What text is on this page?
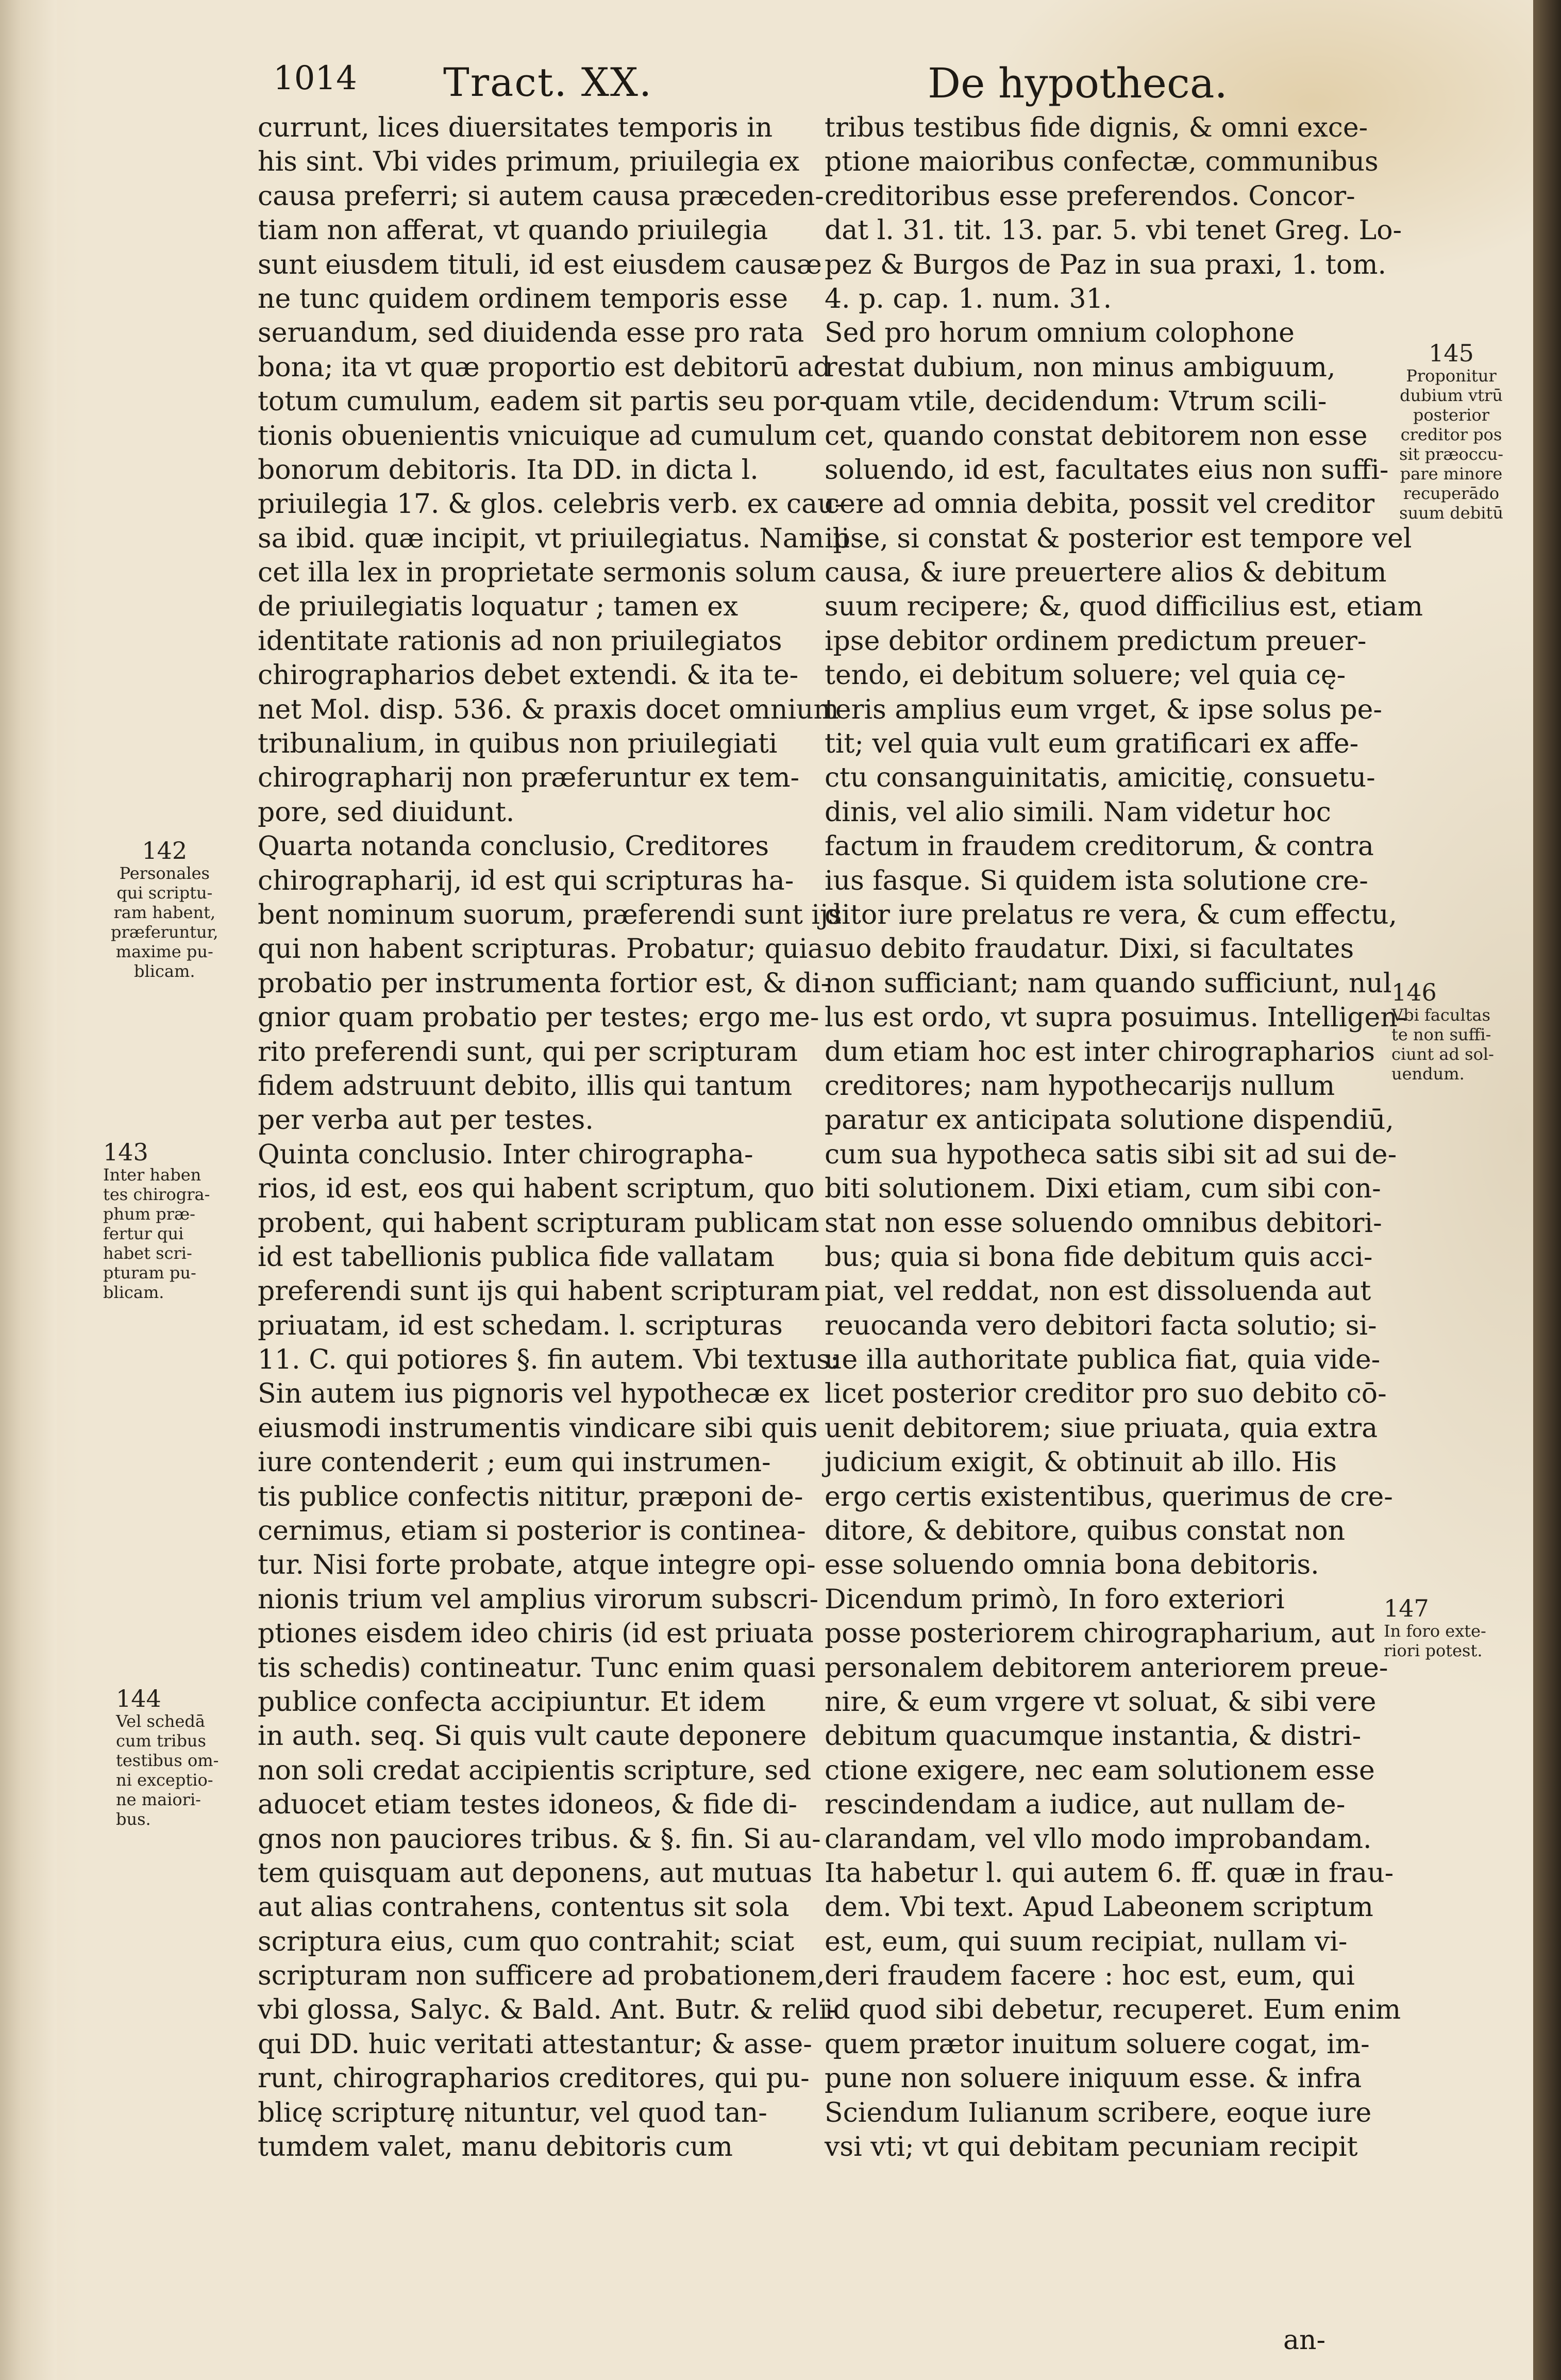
1014 Tract. XX.	De hypotheca.
currunt, lices diuersitates temporis in
his sint. Vbi vides primum, priuilegia ex
causa preferri; si autem causa præceden-
tiam non afferat, vt quando priuilegia
sunt eiusdem tituli, id est eiusdem causæ
ne tunc quidem ordinem temporis esse
seruandum, sed diuidenda esse pro rata
bona; ita vt quæ proportio est debitorū ad
totum cumulum, eadem sit partis seu por-
tionis obuenientis vnicuique ad cumulum
bonorum debitoris. Ita DD. in dicta l.
priuilegia 17. & glos. celebris verb. ex cau-
sa ibid. quæ incipit, vt priuilegiatus. Nam li
cet illa lex in proprietate sermonis solum
de priuilegiatis loquatur ; tamen ex
identitate rationis ad non priuilegiatos
chirographarios debet extendi. & ita te-
net Mol. disp. 536. & praxis docet omnium
tribunalium, in quibus non priuilegiati
chirographarij non præferuntur ex tem-
pore, sed diuidunt.
Quarta notanda conclusio, Creditores
chirographarij, id est qui scripturas ha-
bent nominum suorum, præferendi sunt ijs
qui non habent scripturas. Probatur; quia
probatio per instrumenta fortior est, & di-
gnior quam probatio per testes; ergo me-
rito preferendi sunt, qui per scripturam
fidem adstruunt debito, illis qui tantum
per verba aut per testes.
Quinta conclusio. Inter chirographa-
rios, id est, eos qui habent scriptum, quo
probent, qui habent scripturam publicam
id est tabellionis publica fide vallatam
preferendi sunt ijs qui habent scripturam
priuatam, id est schedam. l. scripturas
11. C. qui potiores §. fin autem. Vbi textus:
Sin autem ius pignoris vel hypothecæ ex
eiusmodi instrumentis vindicare sibi quis
iure contenderit ; eum qui instrumen-
tis publice confectis nititur, præponi de-
cernimus, etiam si posterior is continea-
tur. Nisi forte probate, atque integre opi-
nionis trium vel amplius virorum subscri-
ptiones eisdem ideo chiris (id est priuata
tis schedis) contineatur. Tunc enim quasi
publice confecta accipiuntur. Et idem
in auth. seq. Si quis vult caute deponere
non soli credat accipientis scripture, sed
aduocet etiam testes idoneos, & fide di-
gnos non pauciores tribus. & §. fin. Si au-
tem quisquam aut deponens, aut mutuas
aut alias contrahens, contentus sit sola
scriptura eius, cum quo contrahit; sciat
scripturam non sufficere ad probationem,
vbi glossa, Salyc. & Bald. Ant. Butr. & reli-
qui DD. huic veritati attestantur; & asse-
runt, chirographarios creditores, qui pu-
blicę scripturę nituntur, vel quod tan-
tumdem valet, manu debitoris cum
tribus testibus fide dignis, & omni exce-
ptione maioribus confectæ, communibus
creditoribus esse preferendos. Concor-
dat l. 31. tit. 13. par. 5. vbi tenet Greg. Lo-
pez & Burgos de Paz in sua praxi, 1. tom.
4. p. cap. 1. num. 31.
Sed pro horum omnium colophone
restat dubium, non minus ambiguum,
quam vtile, decidendum: Vtrum scili-
cet, quando constat debitorem non esse
soluendo, id est, facultates eius non suffi-
cere ad omnia debita, possit vel creditor
ipse, si constat & posterior est tempore vel
causa, & iure preuertere alios & debitum
suum recipere; &, quod difficilius est, etiam
ipse debitor ordinem predictum preuer-
tendo, ei debitum soluere; vel quia cę-
teris amplius eum vrget, & ipse solus pe-
tit; vel quia vult eum gratificari ex affe-
ctu consanguinitatis, amicitię, consuetu-
dinis, vel alio simili. Nam videtur hoc
factum in fraudem creditorum, & contra
ius fasque. Si quidem ista solutione cre-
ditor iure prelatus re vera, & cum effectu,
suo debito fraudatur. Dixi, si facultates
non sufficiant; nam quando sufficiunt, nul
lus est ordo, vt supra posuimus. Intelligen-
dum etiam hoc est inter chirographarios
creditores; nam hypothecarijs nullum
paratur ex anticipata solutione dispendiū,
cum sua hypotheca satis sibi sit ad sui de-
biti solutionem. Dixi etiam, cum sibi con-
stat non esse soluendo omnibus debitori-
bus; quia si bona fide debitum quis acci-
piat, vel reddat, non est dissoluenda aut
reuocanda vero debitori facta solutio; si-
ue illa authoritate publica fiat, quia vide-
licet posterior creditor pro suo debito cō-
uenit debitorem; siue priuata, quia extra
judicium exigit, & obtinuit ab illo. His
ergo certis existentibus, querimus de cre-
ditore, & debitore, quibus constat non
esse soluendo omnia bona debitoris.
Dicendum primò, In foro exteriori
posse posteriorem chirographarium, aut
personalem debitorem anteriorem preue-
nire, & eum vrgere vt soluat, & sibi vere
debitum quacumque instantia, & distri-
ctione exigere, nec eam solutionem esse
rescindendam a iudice, aut nullam de-
clarandam, vel vllo modo improbandam.
Ita habetur l. qui autem 6. ff. quæ in frau-
dem. Vbi text. Apud Labeonem scriptum
est, eum, qui suum recipiat, nullam vi-
deri fraudem facere : hoc est, eum, qui
id quod sibi debetur, recuperet. Eum enim
quem prætor inuitum soluere cogat, im-
pune non soluere iniquum esse. & infra
Sciendum Iulianum scribere, eoque iure
vsi vti; vt qui debitam pecuniam recipit
142
Personales
qui scriptu-
ram habent,
præferuntur,
maxime pu-
blicam.
143
Inter haben
tes chirogra-
phum præ-
fertur qui
habet scri-
pturam pu-
blicam.
144
Vel schedā
cum tribus
testibus om-
ni exceptio-
ne maiori-
bus.
145
Proponitur
dubium vtrū
posterior
creditor pos
sit præoccu-
pare minore
recuperādo
suum debitū
146
Vbi facultas
te non suffi-
ciunt ad sol-
uendum.
147
In foro exte-
riori potest.
an-
